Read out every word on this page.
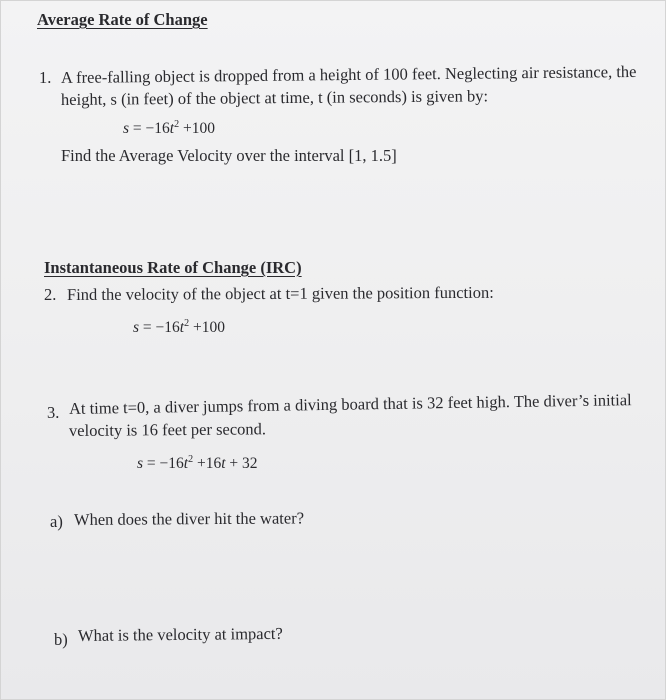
Average Rate of Change
1. A free-falling object is dropped from a height of 100 feet. Neglecting air resistance, the
height, s (in feet) of the object at time, t (in seconds) is given by:
$s = -16t^2 +100$
Find the Average Velocity over the interval [1, 1.5]
Instantaneous Rate of Change (IRC)
2. Find the velocity of the object at t=1 given the position function:
$s = -16t^2 +100$
3. At time t=0, a diver jumps from a diving board that is 32 feet high. The diver’s initial
velocity is 16 feet per second.
$s = -16t^2 +16t + 32$
a) When does the diver hit the water?
b) What is the velocity at impact?
